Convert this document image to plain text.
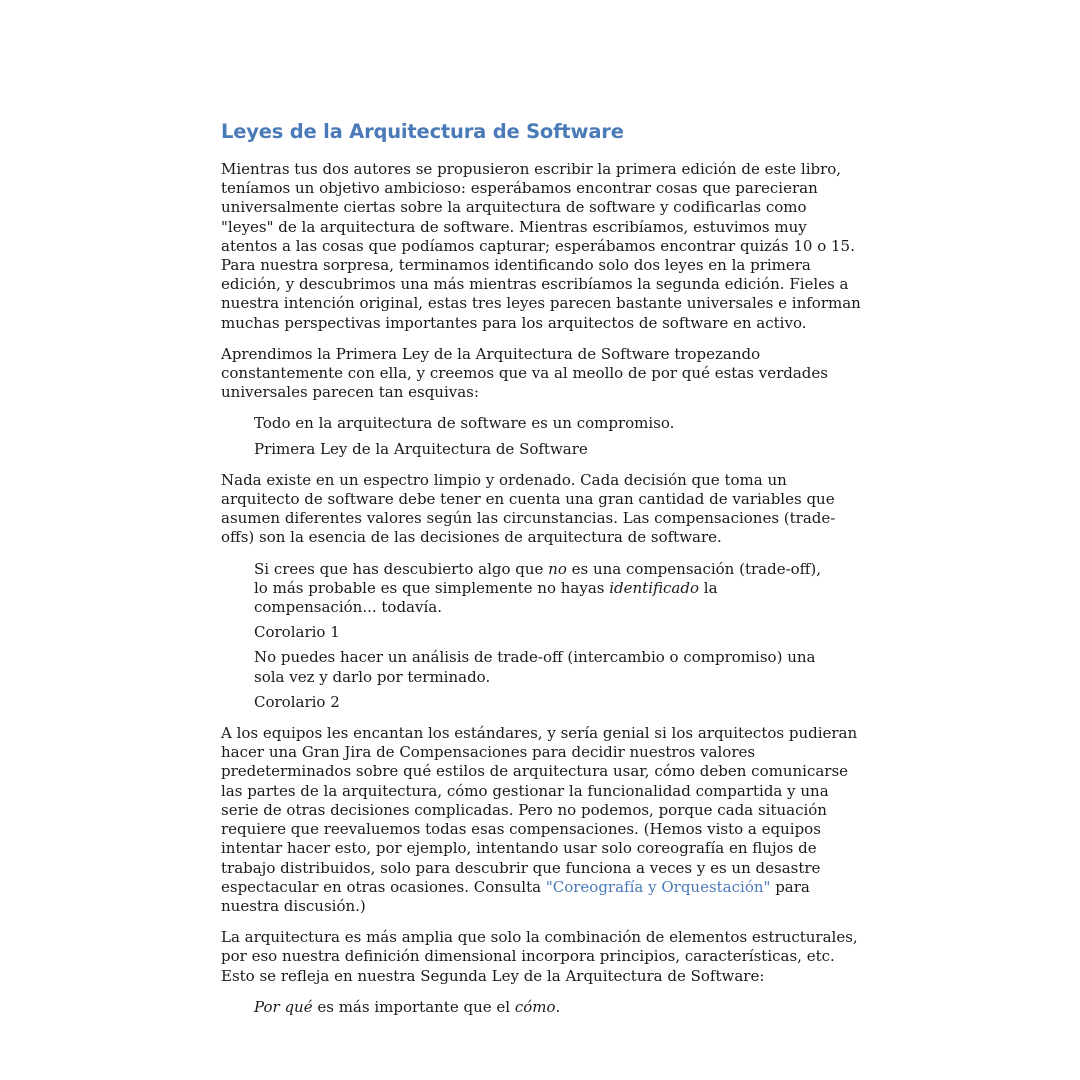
Leyes de la Arquitectura de Software

Mientras tus dos autores se propusieron escribir la primera edición de este libro, teníamos un objetivo ambicioso: esperábamos encontrar cosas que parecieran universalmente ciertas sobre la arquitectura de software y codificarlas como "leyes" de la arquitectura de software. Mientras escribíamos, estuvimos muy atentos a las cosas que podíamos capturar; esperábamos encontrar quizás 10 o 15. Para nuestra sorpresa, terminamos identificando solo dos leyes en la primera edición, y descubrimos una más mientras escribíamos la segunda edición. Fieles a nuestra intención original, estas tres leyes parecen bastante universales e informan muchas perspectivas importantes para los arquitectos de software en activo.

Aprendimos la Primera Ley de la Arquitectura de Software tropezando constantemente con ella, y creemos que va al meollo de por qué estas verdades universales parecen tan esquivas:

Todo en la arquitectura de software es un compromiso.

Primera Ley de la Arquitectura de Software

Nada existe en un espectro limpio y ordenado. Cada decisión que toma un arquitecto de software debe tener en cuenta una gran cantidad de variables que asumen diferentes valores según las circunstancias. Las compensaciones (trade-offs) son la esencia de las decisiones de arquitectura de software.

Si crees que has descubierto algo que no es una compensación (trade-off), lo más probable es que simplemente no hayas identificado la compensación... todavía.

Corolario 1

No puedes hacer un análisis de trade-off (intercambio o compromiso) una sola vez y darlo por terminado.

Corolario 2

A los equipos les encantan los estándares, y sería genial si los arquitectos pudieran hacer una Gran Jira de Compensaciones para decidir nuestros valores predeterminados sobre qué estilos de arquitectura usar, cómo deben comunicarse las partes de la arquitectura, cómo gestionar la funcionalidad compartida y una serie de otras decisiones complicadas. Pero no podemos, porque cada situación requiere que reevaluemos todas esas compensaciones. (Hemos visto a equipos intentar hacer esto, por ejemplo, intentando usar solo coreografía en flujos de trabajo distribuidos, solo para descubrir que funciona a veces y es un desastre espectacular en otras ocasiones. Consulta "Coreografía y Orquestación" para nuestra discusión.)

La arquitectura es más amplia que solo la combinación de elementos estructurales, por eso nuestra definición dimensional incorpora principios, características, etc. Esto se refleja en nuestra Segunda Ley de la Arquitectura de Software:

Por qué es más importante que el cómo.
